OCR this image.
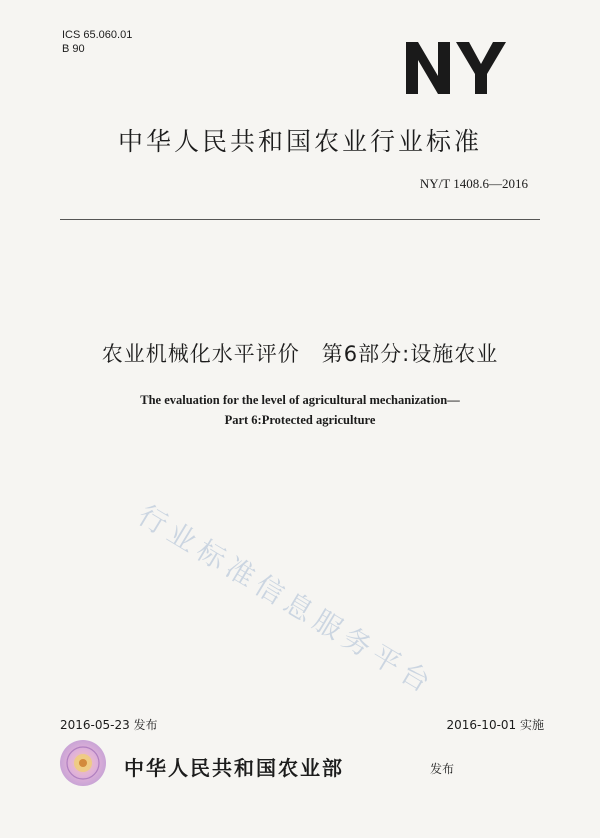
ICS 65.060.01
B 90
中华人民共和国农业行业标准
NY/T 1408.6—2016
农业机械化水平评价　第6部分:设施农业
The evaluation for the level of agricultural mechanization—
Part 6:Protected agriculture
行业标准信息服务平台
2016-05-23 发布	2016-10-01 实施
中华人民共和国农业部	发布
